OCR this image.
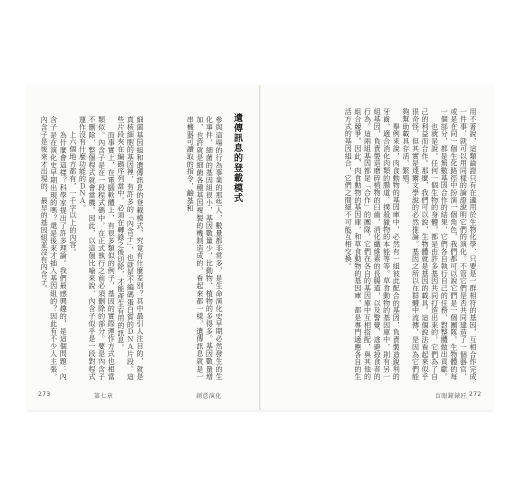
遺傳訊息的登載模式
參與這場的行為事業的那些人，數量都非常多，是生命演化史早期必然發生的生化事件，細菌的基因組很小，基因數量少，比動物、植物的多得多。基因數量增加，也許就是細菌各種基因複製的機制造成的，看起來都一樣，遺傳訊息就是一串機器可讀取的指令，鹼基和
細菌基因組和遺傳訊息的登載模式，究竟有什麼差別？其中最引人注目的，就是真核細胞的基因裡，有許多的「內含子」，也就是不編碼蛋白質的ＤＮＡ片段。這些片段夾在編碼序列當中，必須在轉錄之後切除，才能產生有用的訊息。
　　而事實上，在電腦軟體上，有很多類似的例子，基因的實際運作方式也相當類似。內含子是在一段程式碼中，在正式執行之前必須刪除的部分。要是內含子不刪除，整個程式就會當機。因此，以這個比喻來說，內含子似乎是一段對程式運作沒有什麼功能的ＤＮＡ。
　　上六個地方都有，一千字以上的內容。
　　為什麼會這樣？科學家提出了許多理論。我們最感興趣的，是這個問題：內含子是在演化史早期出現的嗎？還是後來才插入基因組的？因此有不少人主張，內含子是後來才出現的，最早的基因組並沒有內含子。
273	第七章	創意演化
用不著說，這類論證只有在適用於生物化學、只要是一群相符的基因，互相合作完成一件事，就可以用同樣的論證說明它們的演化。不管它們是否共同建造了一個器官，或是在同一個生化路徑中扮演一個角色，我們都可以說它們是一個團隊。生物體的每一個部分，都是無數基因合作的結果，它們各自執行自己的任務，對整體做出貢獻。
　　也就是說，任何一個生物的身體，都是由許多基因共同打造出來的，它們為了自己的利益而合作。那麼，我們可以說，生物體就是基因的載具。這個說法看起來似乎很奇怪，但其實是達爾文學說的必然推論。基因之所以在群體中流傳，是因為它們能夠幫助載具存活、繁殖。
　　舉例來說，肉食動物的基因庫中，必然有一組彼此配合的基因，負責製造銳利的牙齒、適合消化肉類的腸道、撲殺獵物的本能等等。草食動物的基因庫中，則有另一組基因，負責製造磨碎植物的臼齒、消化纖維素的長腸道，以及警覺、逃避掠食者的行為。這兩組基因都是「合作」的團隊，它們在各自的基因庫中互相搭配，與其他的組合競爭。因此，肉食動物的基因庫，和草食動物的基因庫，都是專門適應各自的生活方式的基因組合，它們之間絕不可能互相交換。
盲眼鐘錶匠 272
